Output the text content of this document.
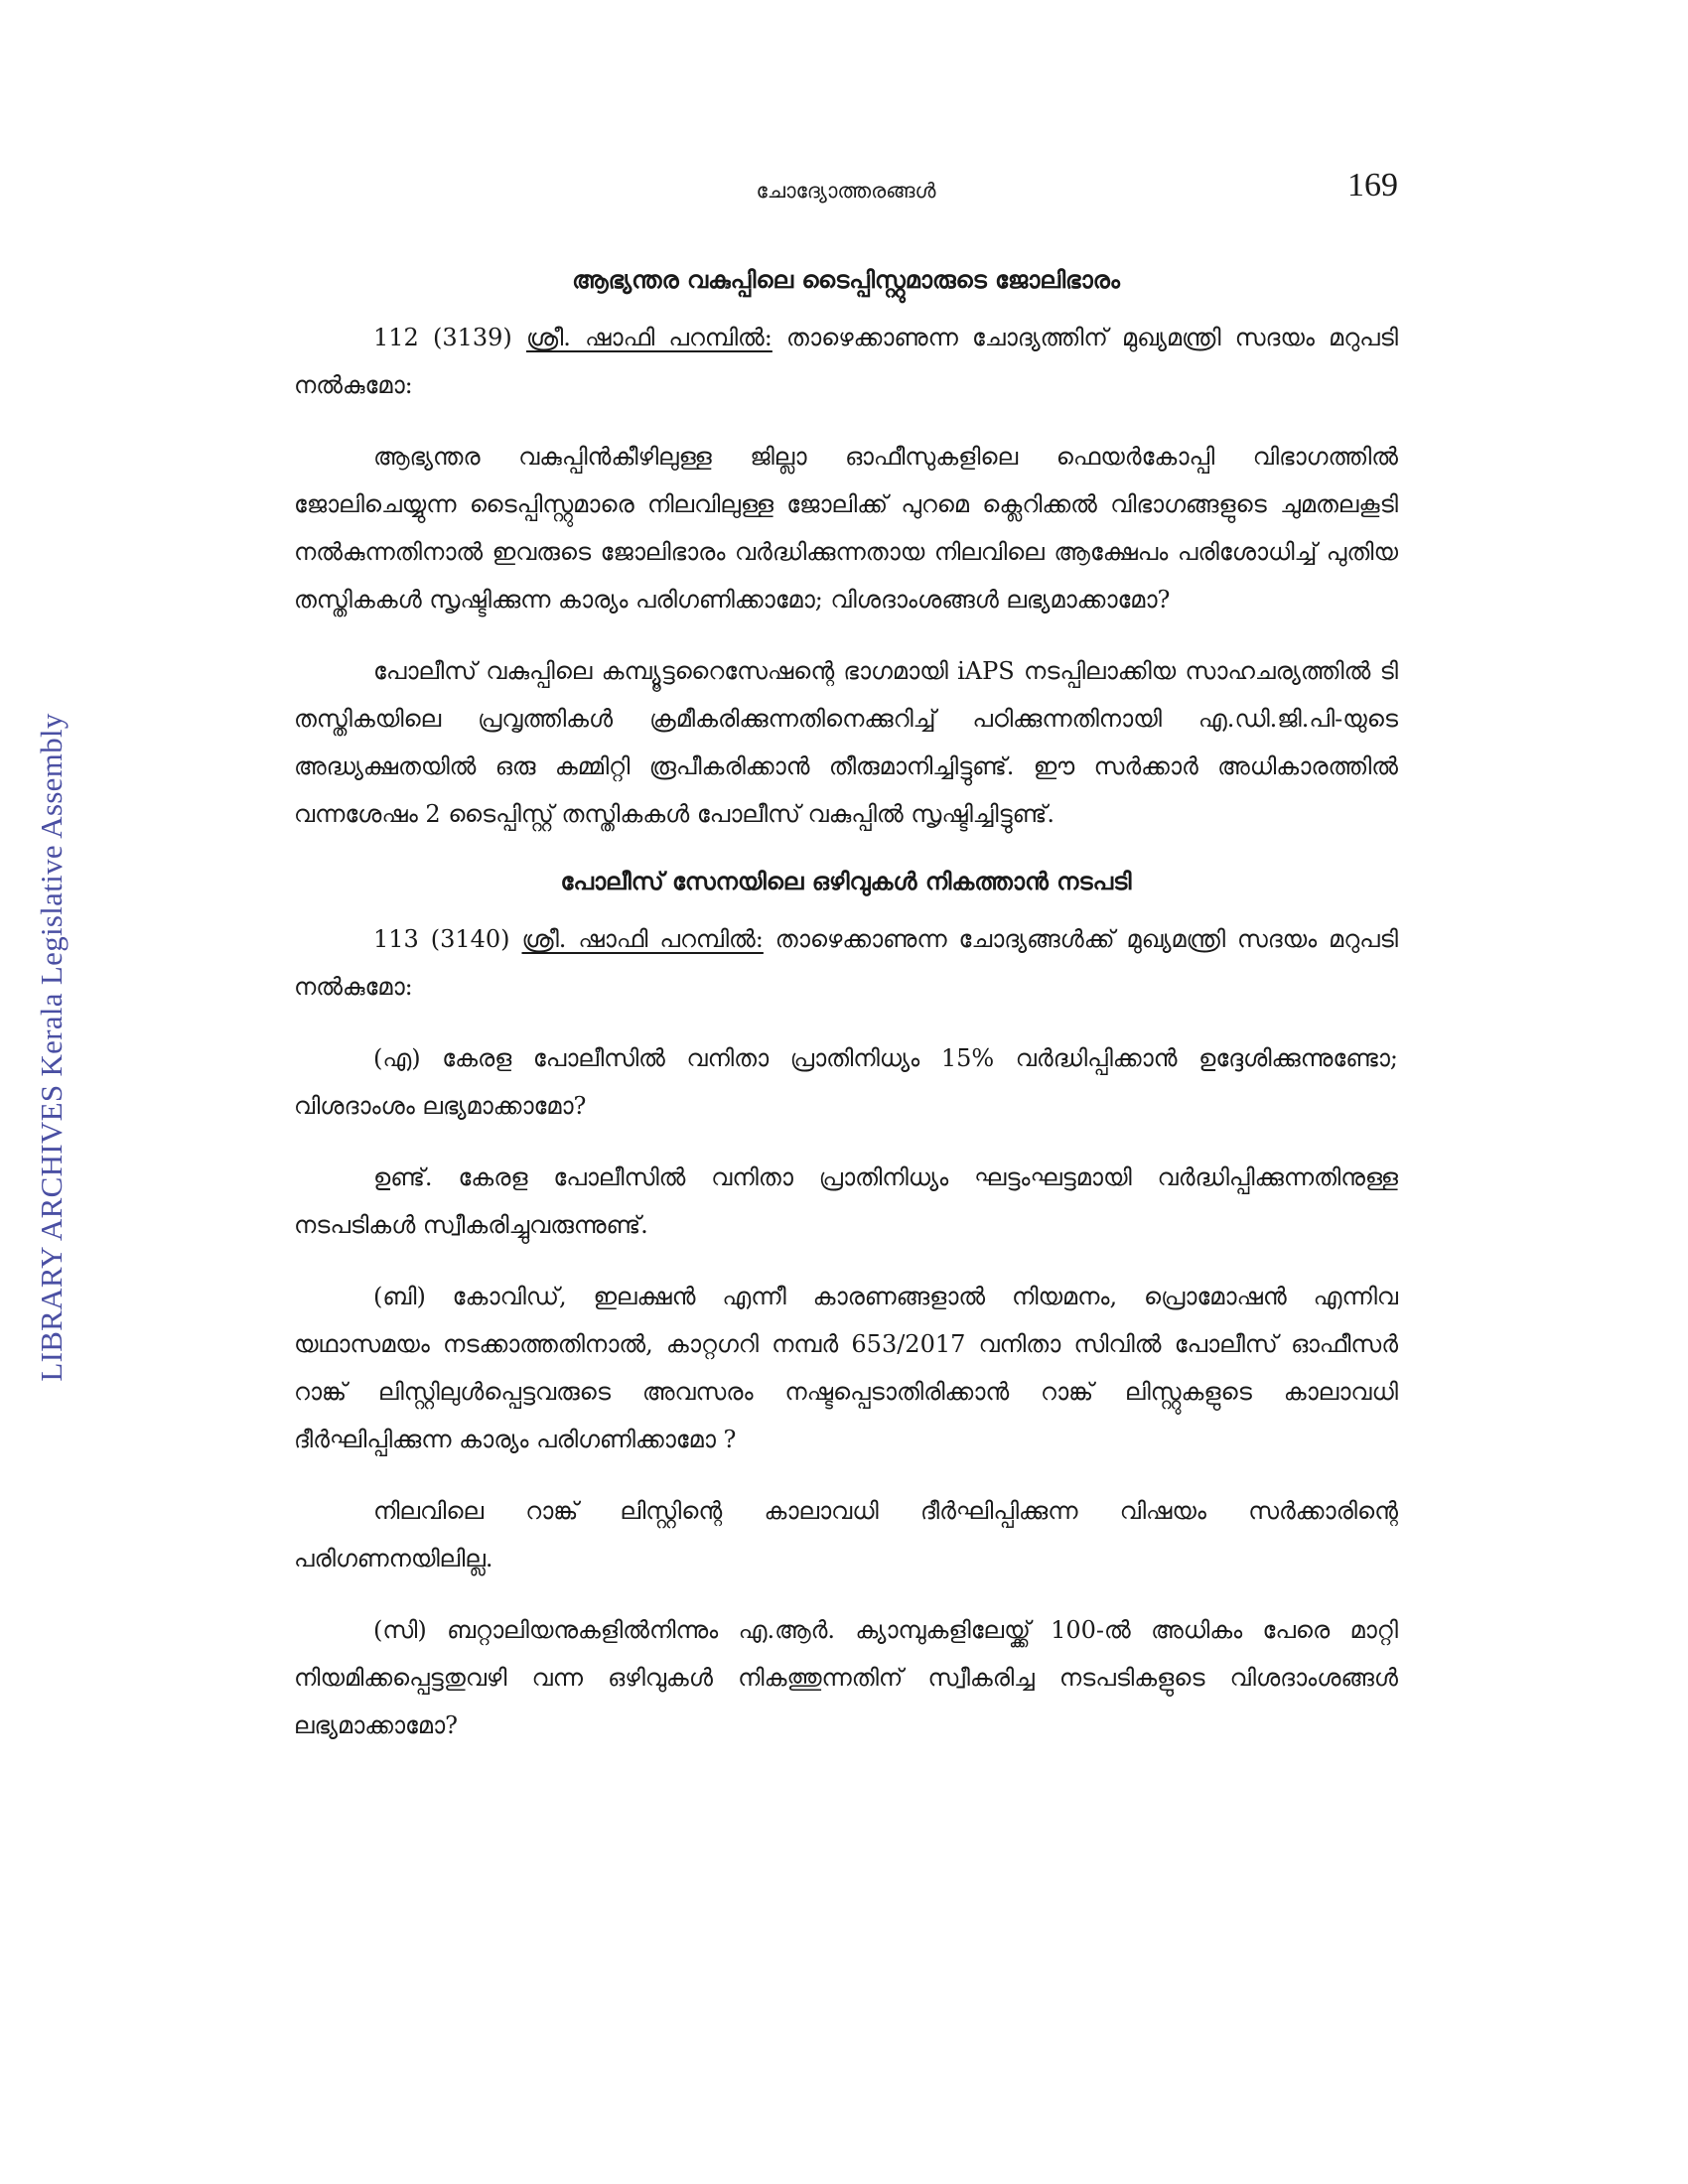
LIBRARY ARCHIVES Kerala Legislative Assembly
ചോദ്യോത്തരങ്ങൾ	169
ആഭ്യന്തര വകുപ്പിലെ ടൈപ്പിസ്റ്റുമാരുടെ ജോലിഭാരം

112 (3139) ശ്രീ. ഷാഫി പറമ്പിൽ: താഴെക്കാണുന്ന ചോദ്യത്തിന് മുഖ്യമന്ത്രി സദയം മറുപടി നൽകുമോ:

ആഭ്യന്തര വകുപ്പിൻകീഴിലുള്ള ജില്ലാ ഓഫീസുകളിലെ ഫെയർകോപ്പി വിഭാഗത്തിൽ ജോലിചെയ്യുന്ന ടൈപ്പിസ്റ്റുമാരെ നിലവിലുള്ള ജോലിക്ക് പുറമെ ക്ലെറിക്കൽ വിഭാഗങ്ങളുടെ ചുമതലകൂടി നൽകുന്നതിനാൽ ഇവരുടെ ജോലിഭാരം വർദ്ധിക്കുന്നതായ നിലവിലെ ആക്ഷേപം പരിശോധിച്ച് പുതിയ തസ്തികകൾ സൃഷ്ടിക്കുന്ന കാര്യം പരിഗണിക്കാമോ; വിശദാംശങ്ങൾ ലഭ്യമാക്കാമോ?

പോലീസ് വകുപ്പിലെ കമ്പ്യൂട്ടറൈസേഷന്റെ ഭാഗമായി iAPS നടപ്പിലാക്കിയ സാഹചര്യത്തിൽ ടി തസ്തികയിലെ പ്രവൃത്തികൾ ക്രമീകരിക്കുന്നതിനെക്കുറിച്ച് പഠിക്കുന്നതിനായി എ.ഡി.ജി.പി-യുടെ അദ്ധ്യക്ഷതയിൽ ഒരു കമ്മിറ്റി രൂപീകരിക്കാൻ തീരുമാനിച്ചിട്ടുണ്ട്. ഈ സർക്കാർ അധികാരത്തിൽ വന്നശേഷം 2 ടൈപ്പിസ്റ്റ് തസ്തികകൾ പോലീസ് വകുപ്പിൽ സൃഷ്ടിച്ചിട്ടുണ്ട്.

പോലീസ് സേനയിലെ ഒഴിവുകൾ നികത്താൻ നടപടി

113 (3140) ശ്രീ. ഷാഫി പറമ്പിൽ: താഴെക്കാണുന്ന ചോദ്യങ്ങൾക്ക് മുഖ്യമന്ത്രി സദയം മറുപടി നൽകുമോ:

(എ) കേരള പോലീസിൽ വനിതാ പ്രാതിനിധ്യം 15% വർദ്ധിപ്പിക്കാൻ ഉദ്ദേശിക്കുന്നുണ്ടോ; വിശദാംശം ലഭ്യമാക്കാമോ?

ഉണ്ട്. കേരള പോലീസിൽ വനിതാ പ്രാതിനിധ്യം ഘട്ടംഘട്ടമായി വർദ്ധിപ്പിക്കുന്നതിനുള്ള നടപടികൾ സ്വീകരിച്ചുവരുന്നുണ്ട്.

(ബി) കോവിഡ്, ഇലക്ഷൻ എന്നീ കാരണങ്ങളാൽ നിയമനം, പ്രൊമോഷൻ എന്നിവ യഥാസമയം നടക്കാത്തതിനാൽ, കാറ്റഗറി നമ്പർ 653/2017 വനിതാ സിവിൽ പോലീസ് ഓഫീസർ റാങ്ക് ലിസ്റ്റിലുൾപ്പെട്ടവരുടെ അവസരം നഷ്ടപ്പെടാതിരിക്കാൻ റാങ്ക് ലിസ്റ്റുകളുടെ കാലാവധി ദീർഘിപ്പിക്കുന്ന കാര്യം പരിഗണിക്കാമോ ?

നിലവിലെ റാങ്ക് ലിസ്റ്റിന്റെ കാലാവധി ദീർഘിപ്പിക്കുന്ന വിഷയം സർക്കാരിന്റെ പരിഗണനയിലില്ല.

(സി) ബറ്റാലിയനുകളിൽനിന്നും എ.ആർ. ക്യാമ്പുകളിലേയ്ക്ക് 100-ൽ അധികം പേരെ മാറ്റി നിയമിക്കപ്പെട്ടതുവഴി വന്ന ഒഴിവുകൾ നികത്തുന്നതിന് സ്വീകരിച്ച നടപടികളുടെ വിശദാംശങ്ങൾ ലഭ്യമാക്കാമോ?
